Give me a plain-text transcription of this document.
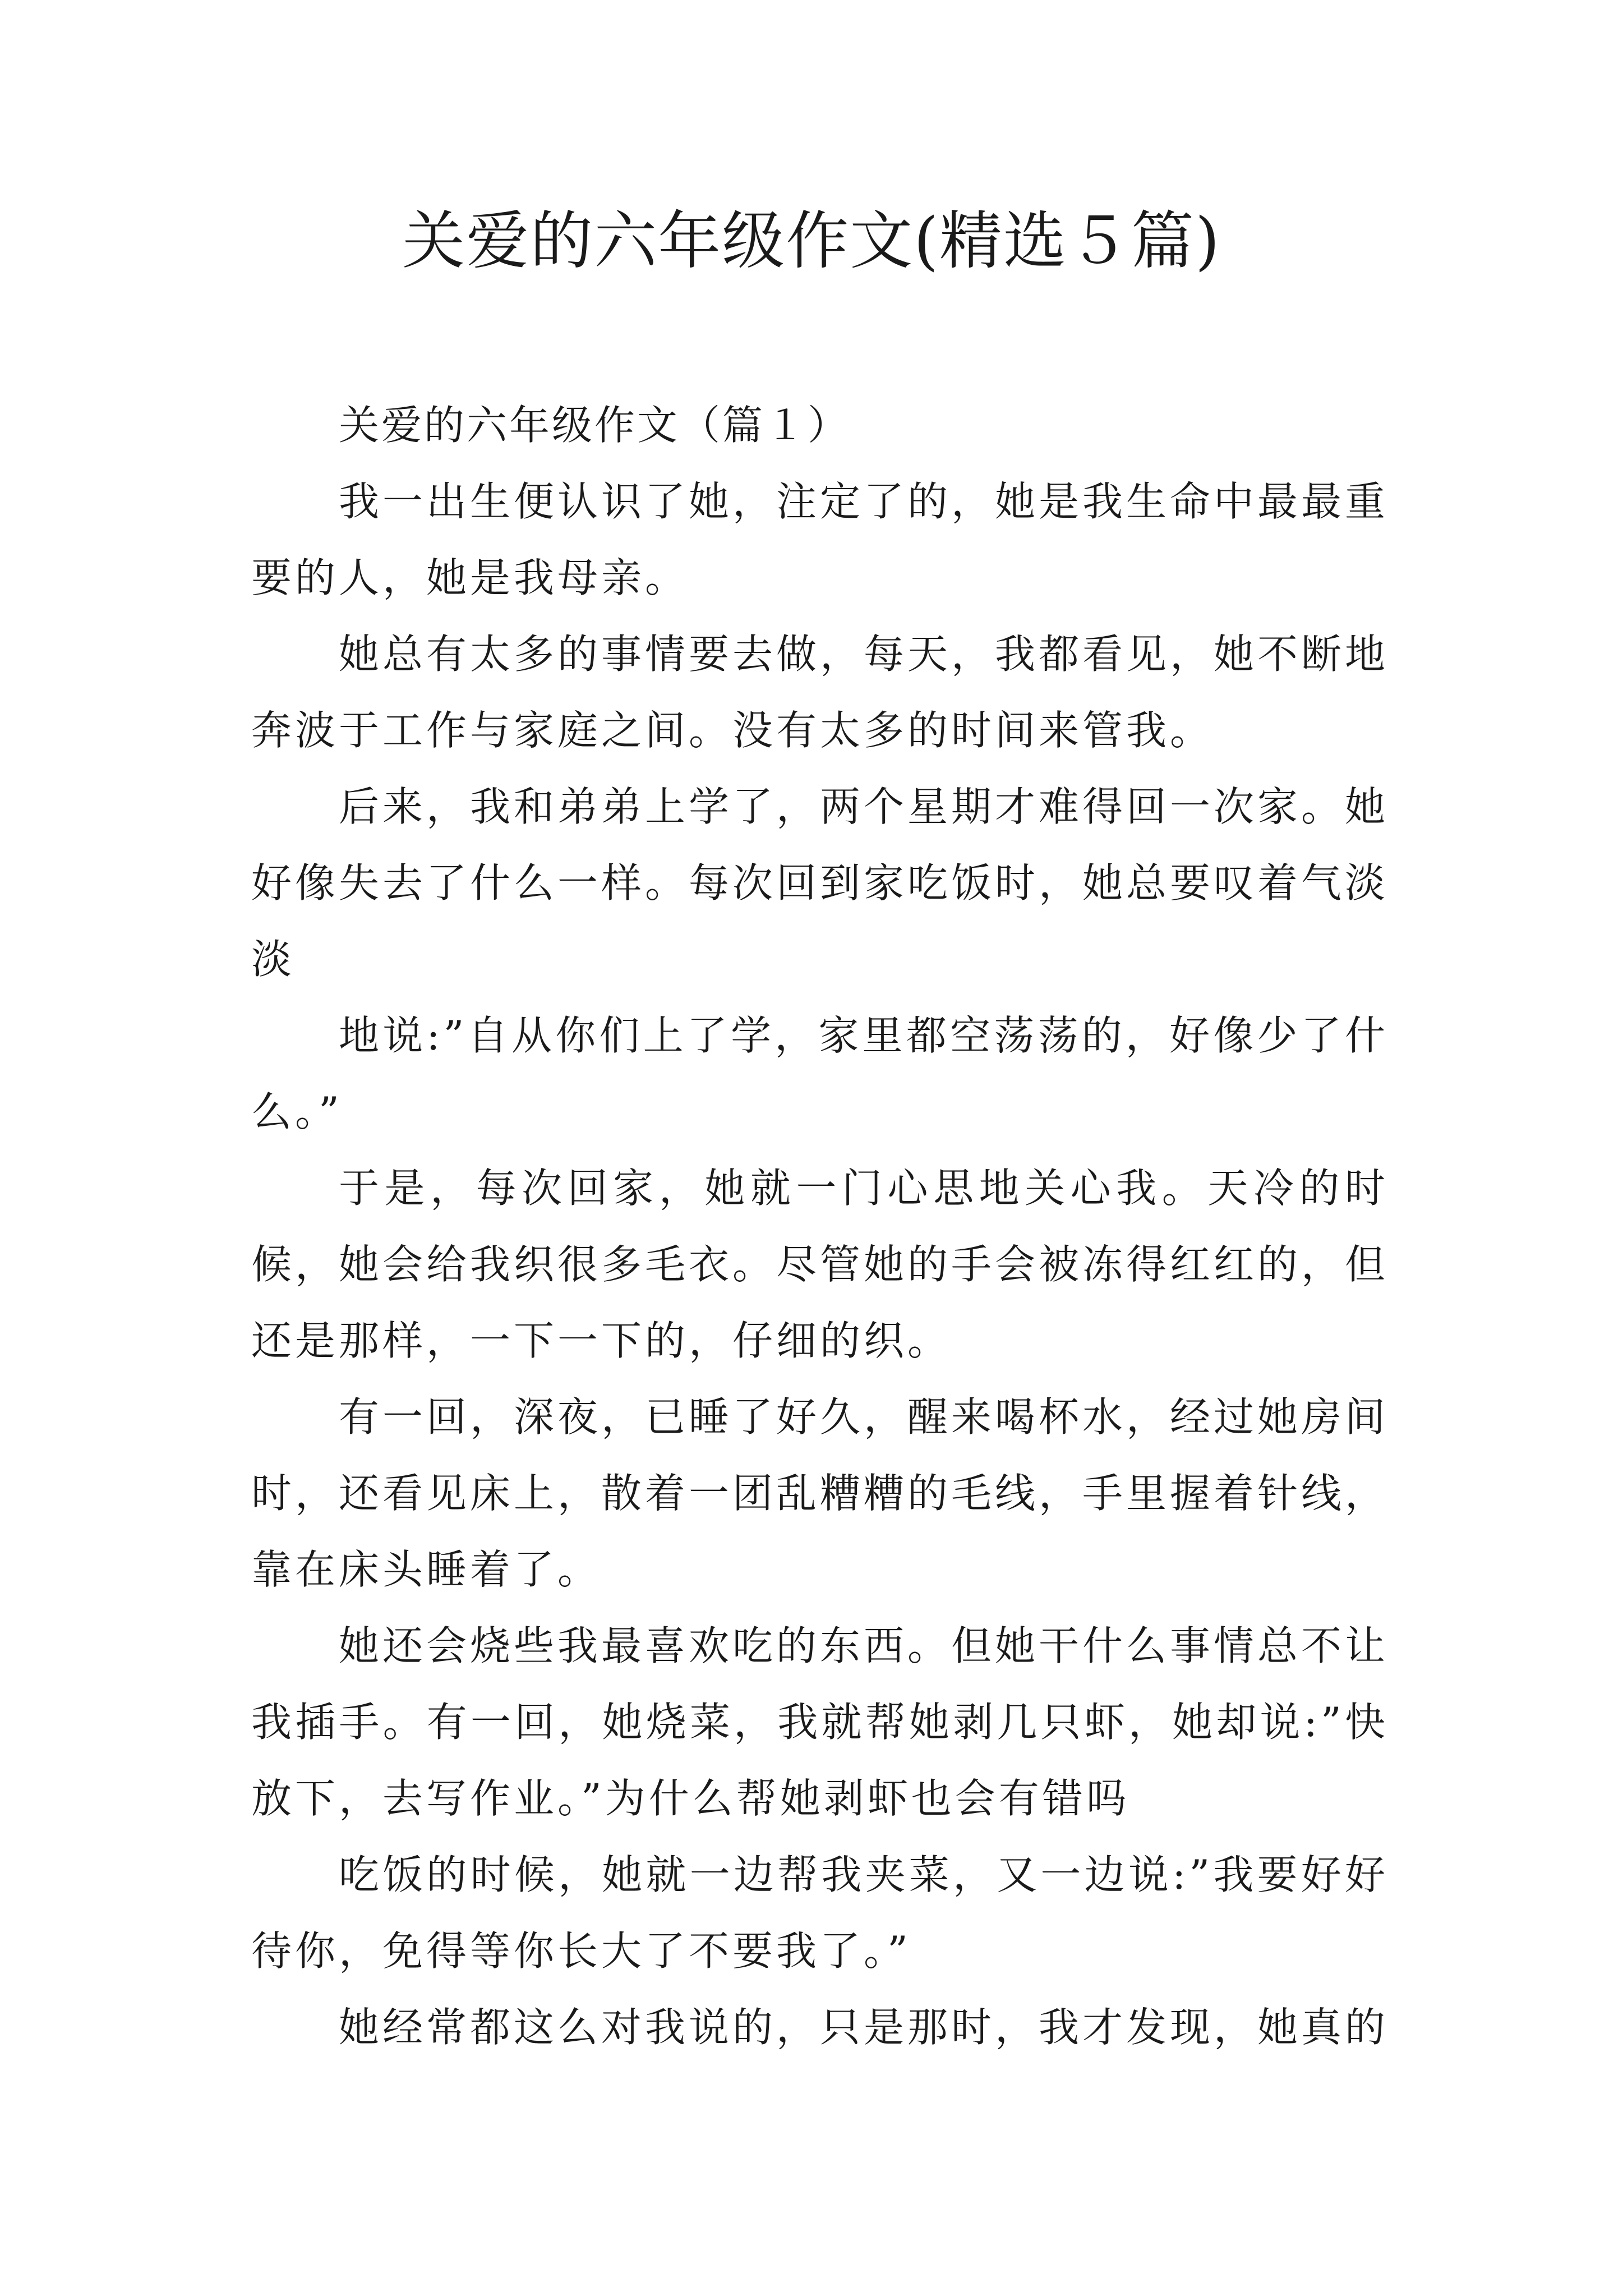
关爱的六年级作文(精选５篇)

关爱的六年级作文（篇１）

我一出生便认识了她，注定了的，她是我生命中最最重要的人，她是我母亲。

她总有太多的事情要去做，每天，我都看见，她不断地奔波于工作与家庭之间。没有太多的时间来管我。

后来，我和弟弟上学了，两个星期才难得回一次家。她好像失去了什么一样。每次回到家吃饭时，她总要叹着气淡淡

地说:”自从你们上了学，家里都空荡荡的，好像少了什么。”

于是，每次回家，她就一门心思地关心我。天冷的时候，她会给我织很多毛衣。尽管她的手会被冻得红红的，但还是那样，一下一下的，仔细的织。

有一回，深夜，已睡了好久，醒来喝杯水，经过她房间时，还看见床上，散着一团乱糟糟的毛线，手里握着针线，靠在床头睡着了。

她还会烧些我最喜欢吃的东西。但她干什么事情总不让我插手。有一回，她烧菜，我就帮她剥几只虾，她却说:”快放下，去写作业。”为什么帮她剥虾也会有错吗

吃饭的时候，她就一边帮我夹菜，又一边说:”我要好好待你，免得等你长大了不要我了。”

她经常都这么对我说的，只是那时，我才发现，她真的
